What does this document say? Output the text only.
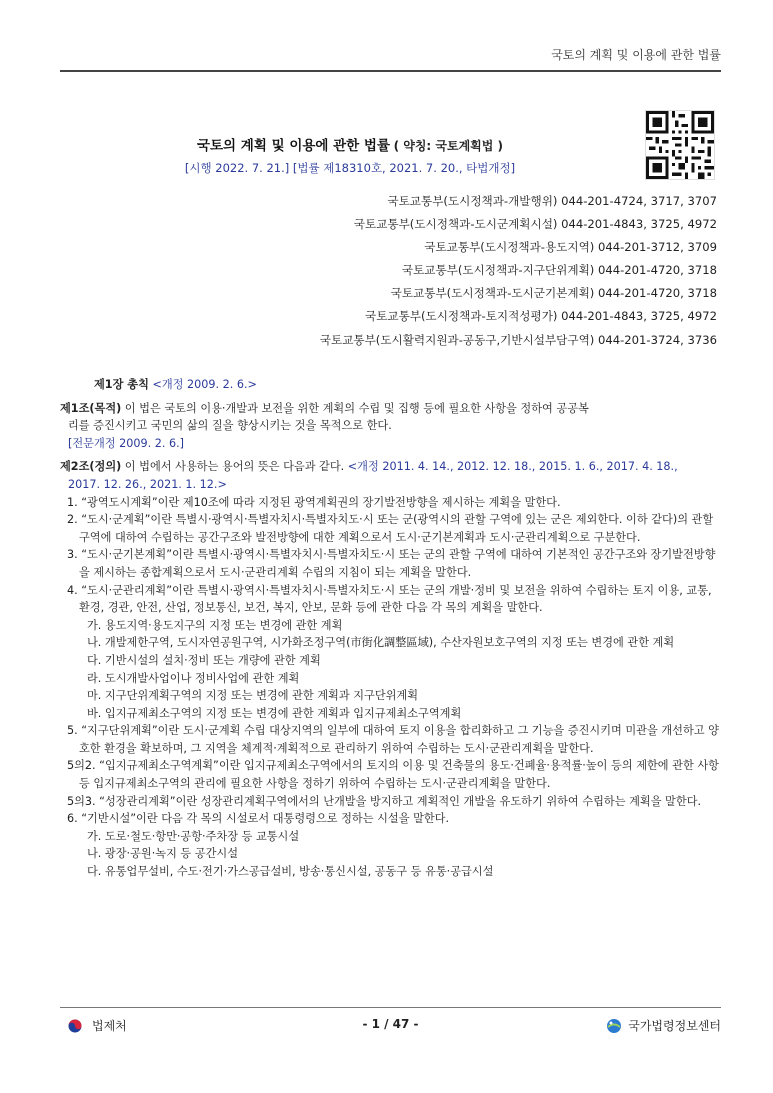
국토의 계획 및 이용에 관한 법률
국토의 계획 및 이용에 관한 법률 ( 약칭: 국토계획법 )
[시행 2022. 7. 21.] [법률 제18310호, 2021. 7. 20., 타법개정]
국토교통부(도시정책과-개발행위) 044-201-4724, 3717, 3707
국토교통부(도시정책과-도시군계획시설) 044-201-4843, 3725, 4972
국토교통부(도시정책과-용도지역) 044-201-3712, 3709
국토교통부(도시정책과-지구단위계획) 044-201-4720, 3718
국토교통부(도시정책과-도시군기본계획) 044-201-4720, 3718
국토교통부(도시정책과-토지적성평가) 044-201-4843, 3725, 4972
국토교통부(도시활력지원과-공동구,기반시설부담구역) 044-201-3724, 3736
제1장 총칙 <개정 2009. 2. 6.>
제1조(목적) 이 법은 국토의 이용·개발과 보전을 위한 계획의 수립 및 집행 등에 필요한 사항을 정하여 공공복
리를 증진시키고 국민의 삶의 질을 향상시키는 것을 목적으로 한다.
[전문개정 2009. 2. 6.]
제2조(정의) 이 법에서 사용하는 용어의 뜻은 다음과 같다. <개정 2011. 4. 14., 2012. 12. 18., 2015. 1. 6., 2017. 4. 18.,
2017. 12. 26., 2021. 1. 12.>
1. “광역도시계획”이란 제10조에 따라 지정된 광역계획권의 장기발전방향을 제시하는 계획을 말한다.
2. “도시·군계획”이란 특별시·광역시·특별자치시·특별자치도·시 또는 군(광역시의 관할 구역에 있는 군은 제외한다. 이하 같다)의 관할 구역에 대하여 수립하는 공간구조와 발전방향에 대한 계획으로서 도시·군기본계획과 도시·군관리계획으로 구분한다.
3. “도시·군기본계획”이란 특별시·광역시·특별자치시·특별자치도·시 또는 군의 관할 구역에 대하여 기본적인 공간구조와 장기발전방향을 제시하는 종합계획으로서 도시·군관리계획 수립의 지침이 되는 계획을 말한다.
4. “도시·군관리계획”이란 특별시·광역시·특별자치시·특별자치도·시 또는 군의 개발·정비 및 보전을 위하여 수립하는 토지 이용, 교통, 환경, 경관, 안전, 산업, 정보통신, 보건, 복지, 안보, 문화 등에 관한 다음 각 목의 계획을 말한다.
가. 용도지역·용도지구의 지정 또는 변경에 관한 계획
나. 개발제한구역, 도시자연공원구역, 시가화조정구역(市街化調整區域), 수산자원보호구역의 지정 또는 변경에 관한 계획
다. 기반시설의 설치·정비 또는 개량에 관한 계획
라. 도시개발사업이나 정비사업에 관한 계획
마. 지구단위계획구역의 지정 또는 변경에 관한 계획과 지구단위계획
바. 입지규제최소구역의 지정 또는 변경에 관한 계획과 입지규제최소구역계획
5. “지구단위계획”이란 도시·군계획 수립 대상지역의 일부에 대하여 토지 이용을 합리화하고 그 기능을 증진시키며 미관을 개선하고 양호한 환경을 확보하며, 그 지역을 체계적·계획적으로 관리하기 위하여 수립하는 도시·군관리계획을 말한다.
5의2. “입지규제최소구역계획”이란 입지규제최소구역에서의 토지의 이용 및 건축물의 용도·건폐율·용적률·높이 등의 제한에 관한 사항 등 입지규제최소구역의 관리에 필요한 사항을 정하기 위하여 수립하는 도시·군관리계획을 말한다.
5의3. “성장관리계획”이란 성장관리계획구역에서의 난개발을 방지하고 계획적인 개발을 유도하기 위하여 수립하는 계획을 말한다.
6. “기반시설”이란 다음 각 목의 시설로서 대통령령으로 정하는 시설을 말한다.
가. 도로·철도·항만·공항·주차장 등 교통시설
나. 광장·공원·녹지 등 공간시설
다. 유통업무설비, 수도·전기·가스공급설비, 방송·통신시설, 공동구 등 유통·공급시설
법제처	- 1 / 47 -	국가법령정보센터
